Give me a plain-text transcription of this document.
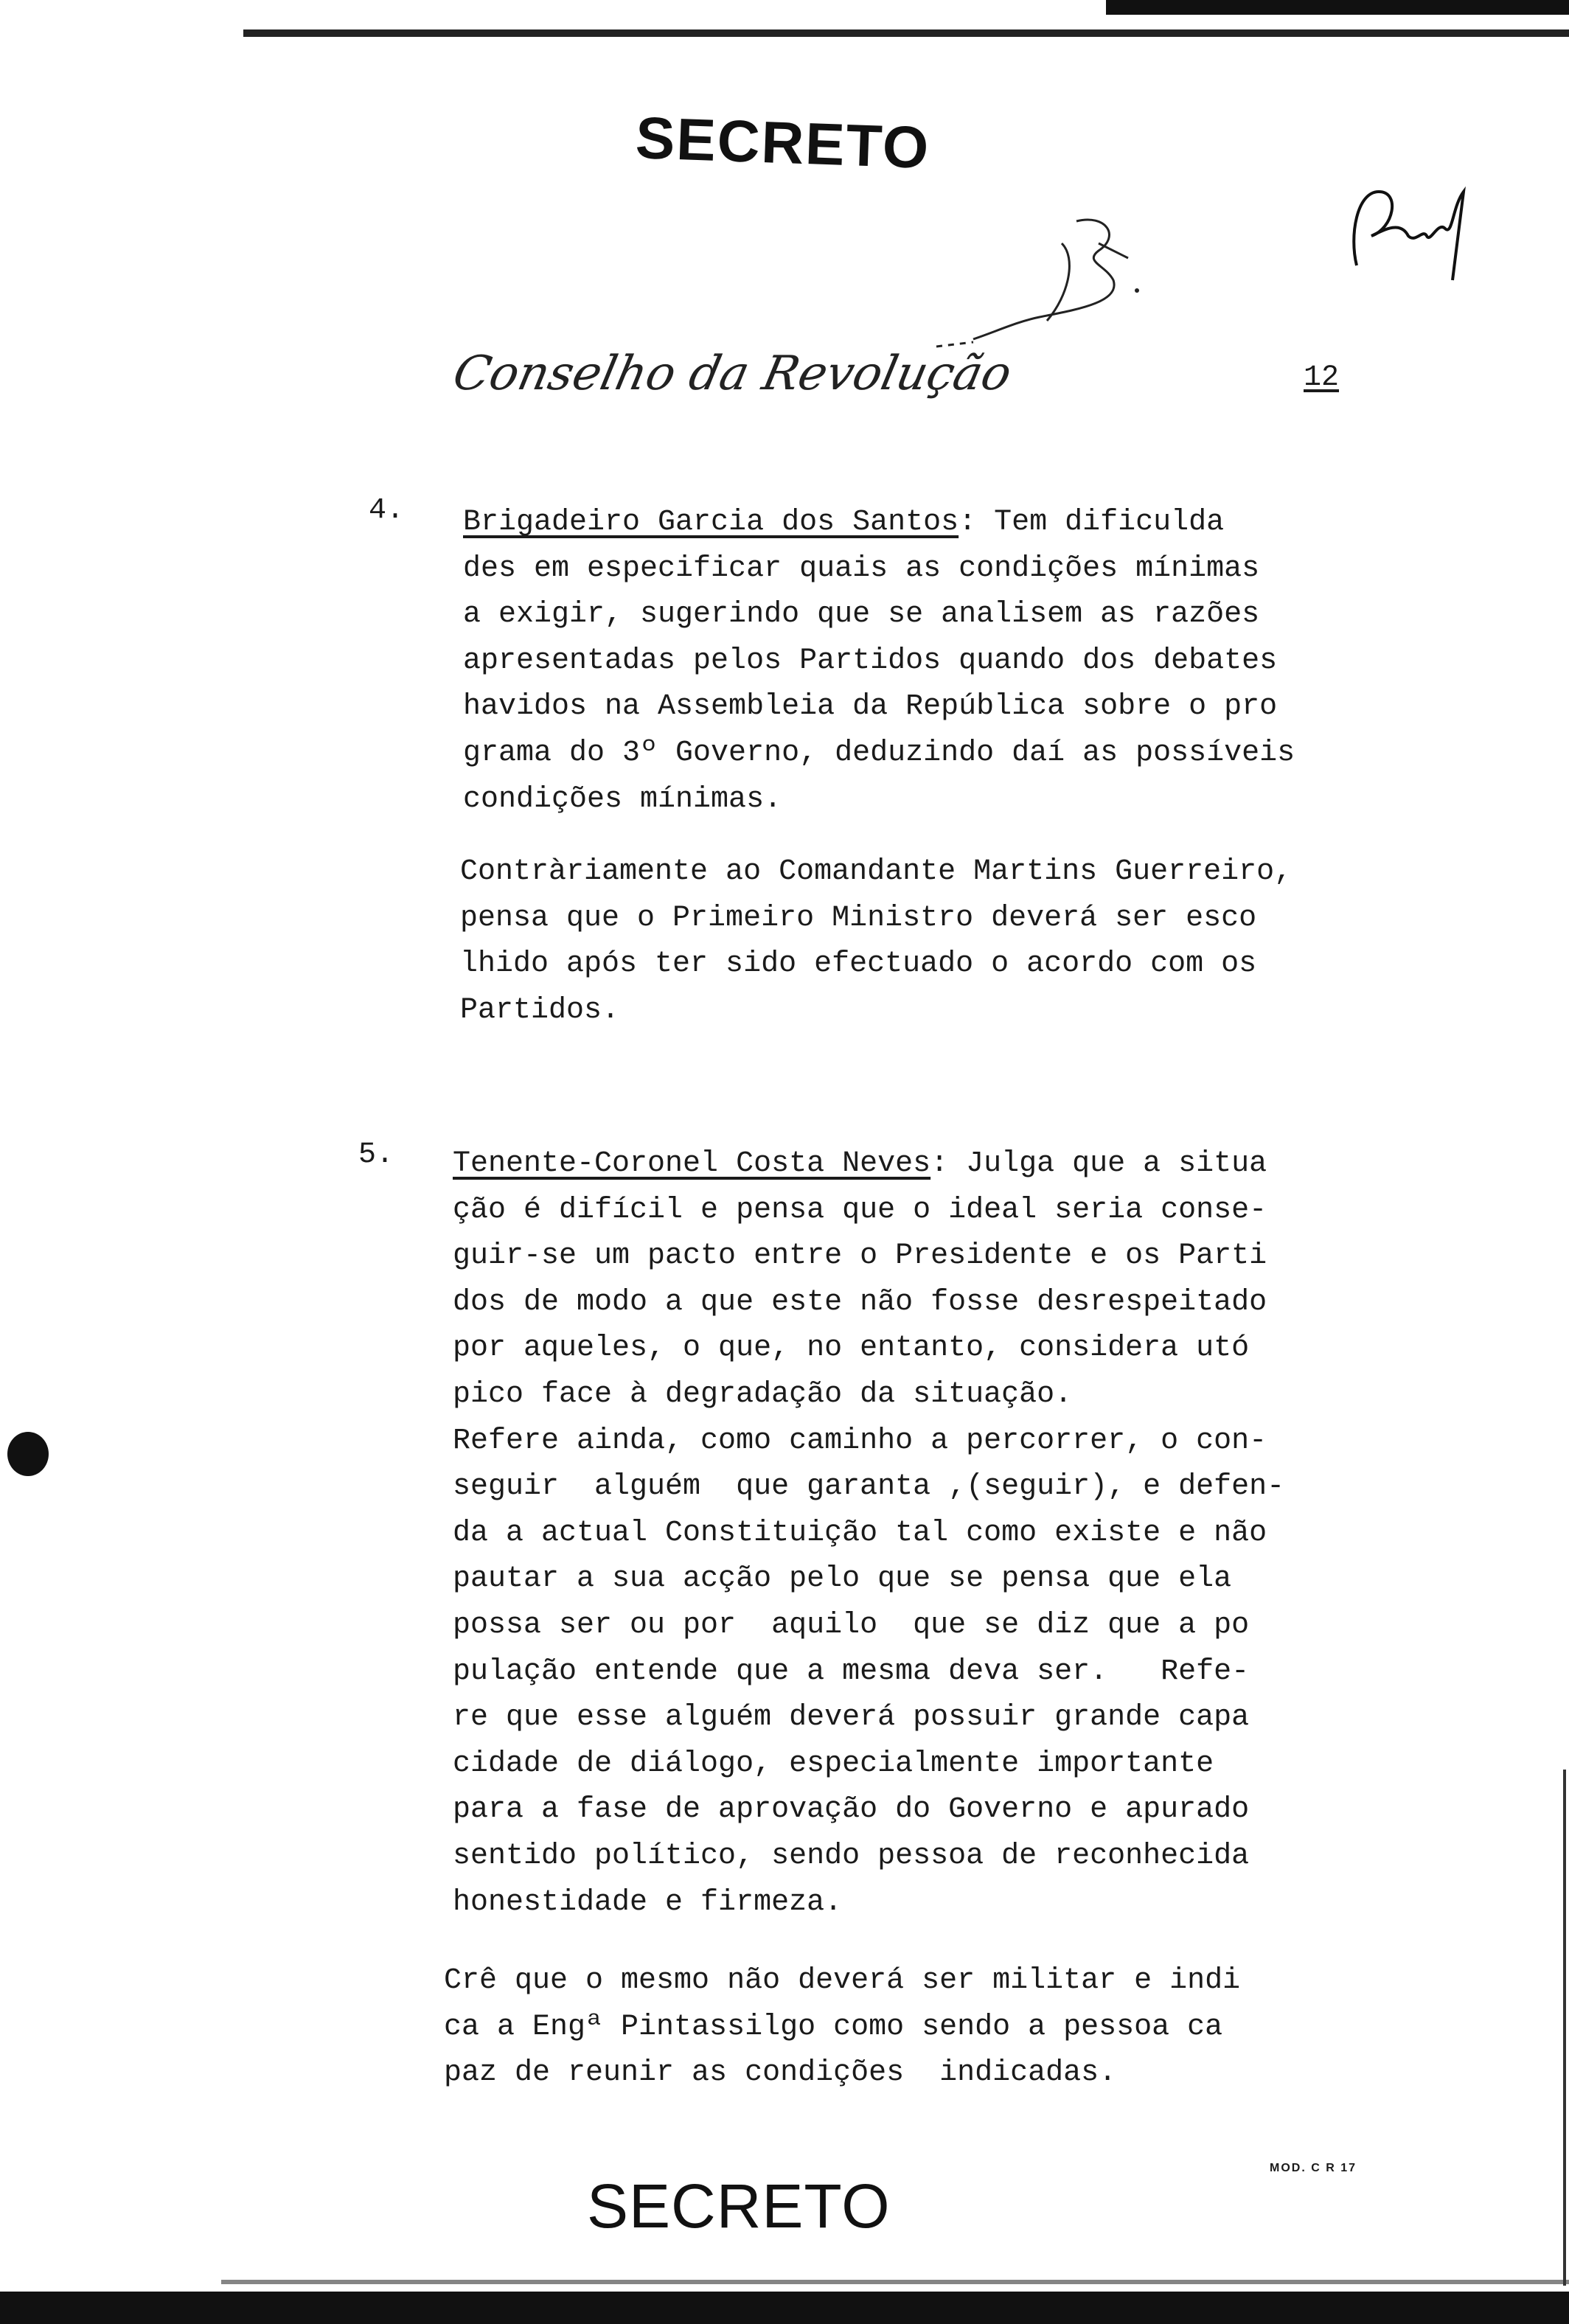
SECRETO
Conselho da Revolução	12
4. Brigadeiro Garcia dos Santos: Tem dificulda
des em especificar quais as condições mínimas
a exigir, sugerindo que se analisem as razões
apresentadas pelos Partidos quando dos debates
havidos na Assembleia da República sobre o pro
grama do 3º Governo, deduzindo daí as possíveis
condições mínimas.

Contràriamente ao Comandante Martins Guerreiro,
pensa que o Primeiro Ministro deverá ser esco
lhido após ter sido efectuado o acordo com os
Partidos.

5. Tenente-Coronel Costa Neves: Julga que a situa
ção é difícil e pensa que o ideal seria conse-
guir-se um pacto entre o Presidente e os Parti
dos de modo a que este não fosse desrespeitado
por aqueles, o que, no entanto, considera utó
pico face à degradação da situação.
Refere ainda, como caminho a percorrer, o con-
seguir  alguém  que garanta ,(seguir), e defen-
da a actual Constituição tal como existe e não
pautar a sua acção pelo que se pensa que ela
possa ser ou por  aquilo  que se diz que a po
pulação entende que a mesma deva ser.   Refe-
re que esse alguém deverá possuir grande capa
cidade de diálogo, especialmente importante
para a fase de aprovação do Governo e apurado
sentido político, sendo pessoa de reconhecida
honestidade e firmeza.

Crê que o mesmo não deverá ser militar e indi
ca a Engª Pintassilgo como sendo a pessoa ca
paz de reunir as condições  indicadas.

SECRETO
MOD. C R 17
